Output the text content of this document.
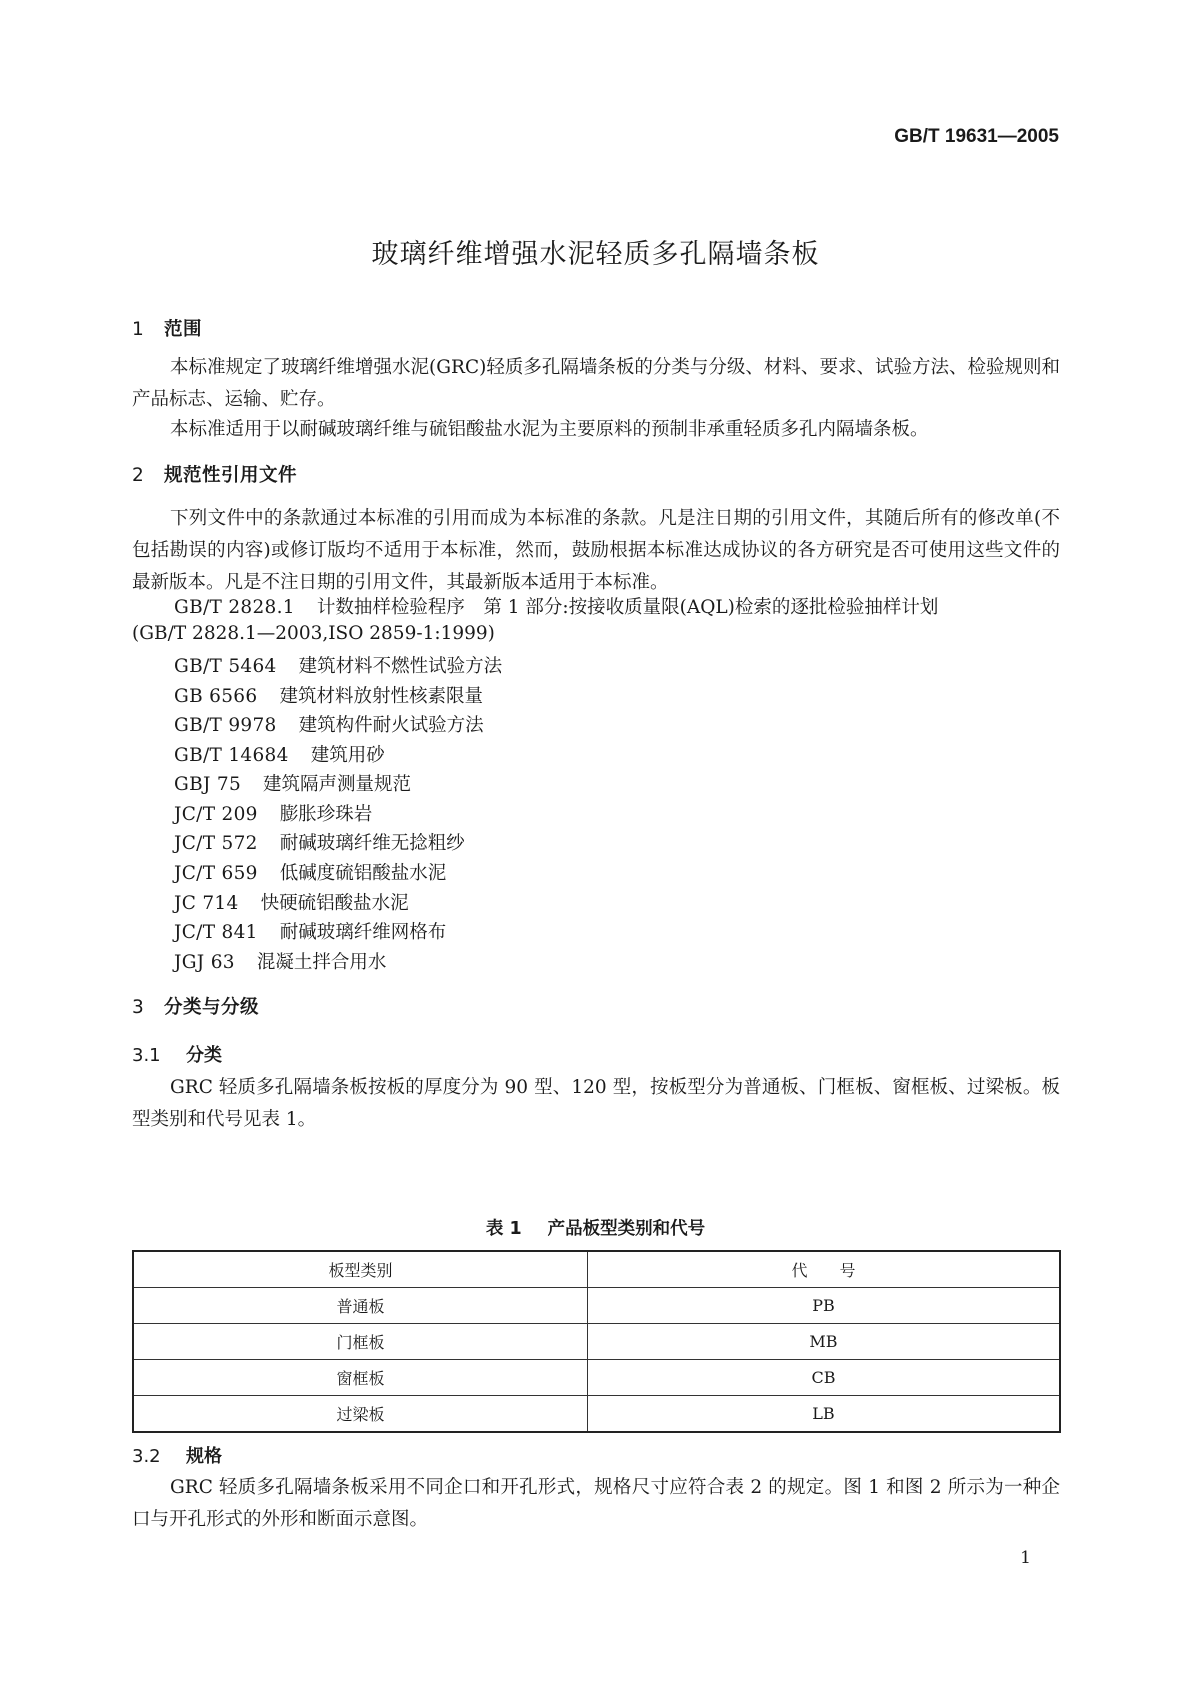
GB/T 19631—2005
玻璃纤维增强水泥轻质多孔隔墙条板
1 范围
本标准规定了玻璃纤维增强水泥(GRC)轻质多孔隔墙条板的分类与分级、材料、要求、试验方法、检验规则和产品标志、运输、贮存。
本标准适用于以耐碱玻璃纤维与硫铝酸盐水泥为主要原料的预制非承重轻质多孔内隔墙条板。
2 规范性引用文件
下列文件中的条款通过本标准的引用而成为本标准的条款。凡是注日期的引用文件，其随后所有的修改单(不包括勘误的内容)或修订版均不适用于本标准，然而，鼓励根据本标准达成协议的各方研究是否可使用这些文件的最新版本。凡是不注日期的引用文件，其最新版本适用于本标准。
GB/T 2828.1 计数抽样检验程序　第 1 部分:按接收质量限(AQL)检索的逐批检验抽样计划
(GB/T 2828.1—2003,ISO 2859-1:1999)
GB/T 5464 建筑材料不燃性试验方法
GB 6566 建筑材料放射性核素限量
GB/T 9978 建筑构件耐火试验方法
GB/T 14684 建筑用砂
GBJ 75 建筑隔声测量规范
JC/T 209 膨胀珍珠岩
JC/T 572 耐碱玻璃纤维无捻粗纱
JC/T 659 低碱度硫铝酸盐水泥
JC 714 快硬硫铝酸盐水泥
JC/T 841 耐碱玻璃纤维网格布
JGJ 63 混凝土拌合用水
3 分类与分级
3.1 分类
GRC 轻质多孔隔墙条板按板的厚度分为 90 型、120 型，按板型分为普通板、门框板、窗框板、过梁板。板型类别和代号见表 1。
表 1 产品板型类别和代号
板型类别	代　　号
普通板	PB
门框板	MB
窗框板	CB
过梁板	LB
3.2 规格
GRC 轻质多孔隔墙条板采用不同企口和开孔形式，规格尺寸应符合表 2 的规定。图 1 和图 2 所示为一种企口与开孔形式的外形和断面示意图。
1
